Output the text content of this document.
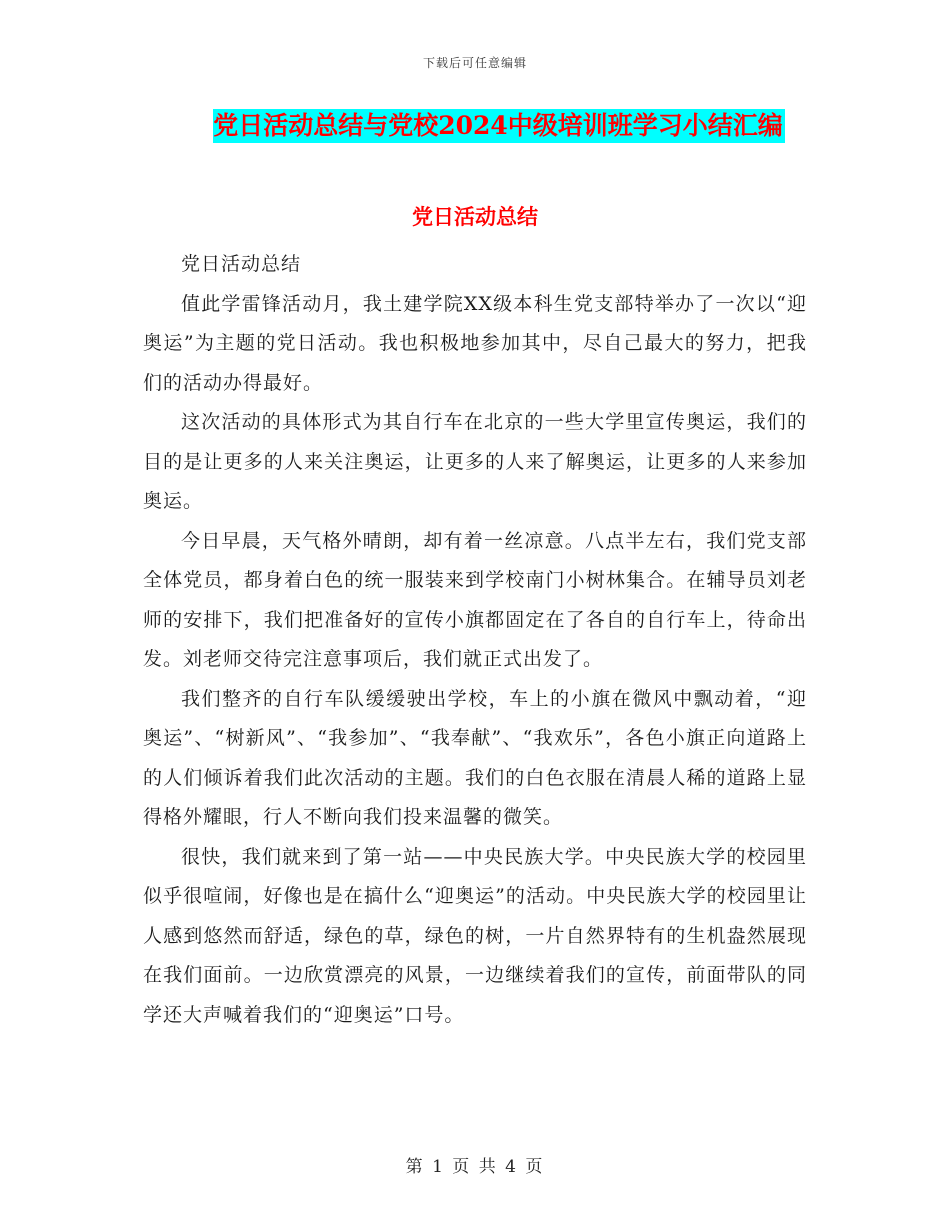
下载后可任意编辑
党日活动总结与党校2024中级培训班学习小结汇编
党日活动总结

党日活动总结

值此学雷锋活动月，我土建学院XX级本科生党支部特举办了一次以“迎奥运”为主题的党日活动。我也积极地参加其中，尽自己最大的努力，把我们的活动办得最好。

这次活动的具体形式为其自行车在北京的一些大学里宣传奥运，我们的目的是让更多的人来关注奥运，让更多的人来了解奥运，让更多的人来参加奥运。

今日早晨，天气格外晴朗，却有着一丝凉意。八点半左右，我们党支部全体党员，都身着白色的统一服装来到学校南门小树林集合。在辅导员刘老师的安排下，我们把准备好的宣传小旗都固定在了各自的自行车上，待命出发。刘老师交待完注意事项后，我们就正式出发了。

我们整齐的自行车队缓缓驶出学校，车上的小旗在微风中飘动着，“迎奥运”、“树新风”、“我参加”、“我奉献”、“我欢乐”，各色小旗正向道路上的人们倾诉着我们此次活动的主题。我们的白色衣服在清晨人稀的道路上显得格外耀眼，行人不断向我们投来温馨的微笑。

很快，我们就来到了第一站——中央民族大学。中央民族大学的校园里似乎很喧闹，好像也是在搞什么“迎奥运”的活动。中央民族大学的校园里让人感到悠然而舒适，绿色的草，绿色的树，一片自然界特有的生机盎然展现在我们面前。一边欣赏漂亮的风景，一边继续着我们的宣传，前面带队的同学还大声喊着我们的“迎奥运”口号。

第 1 页 共 4 页
